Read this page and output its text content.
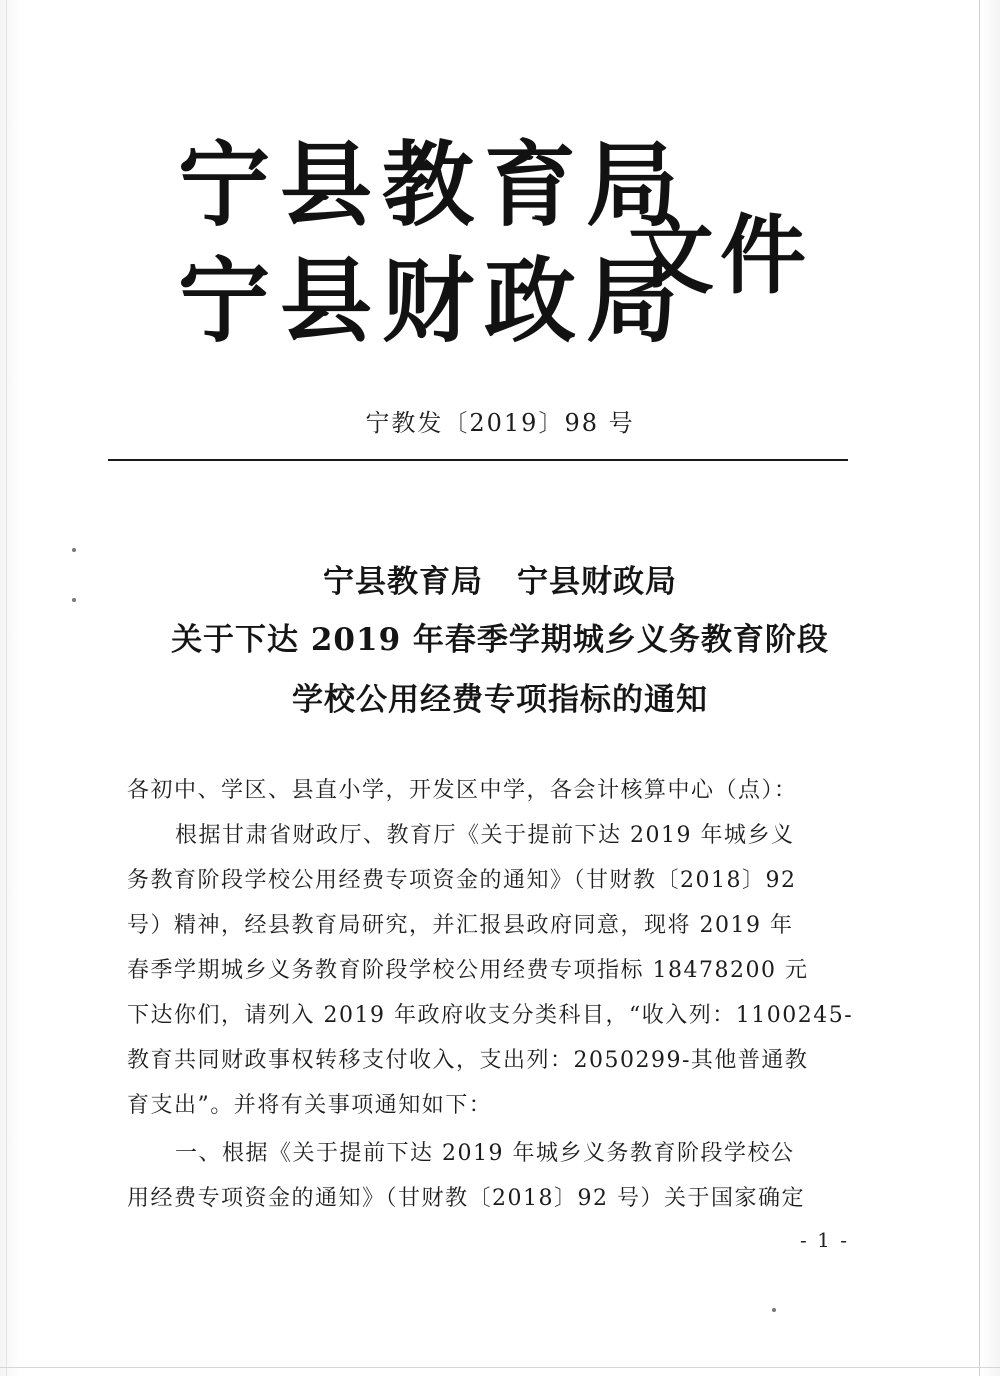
宁县教育局
宁县财政局
文件
宁教发〔2019〕98 号
宁县教育局 宁县财政局
关于下达 2019 年春季学期城乡义务教育阶段
学校公用经费专项指标的通知
各初中、学区、县直小学，开发区中学，各会计核算中心（点）：
根据甘肃省财政厅、教育厅《关于提前下达 2019 年城乡义
务教育阶段学校公用经费专项资金的通知》（甘财教〔2018〕92
号）精神，经县教育局研究，并汇报县政府同意，现将 2019 年
春季学期城乡义务教育阶段学校公用经费专项指标 18478200 元
下达你们，请列入 2019 年政府收支分类科目，“收入列：1100245-
教育共同财政事权转移支付收入，支出列：2050299-其他普通教
育支出”。并将有关事项通知如下：
一、根据《关于提前下达 2019 年城乡义务教育阶段学校公
用经费专项资金的通知》（甘财教〔2018〕92 号）关于国家确定
- 1 -
